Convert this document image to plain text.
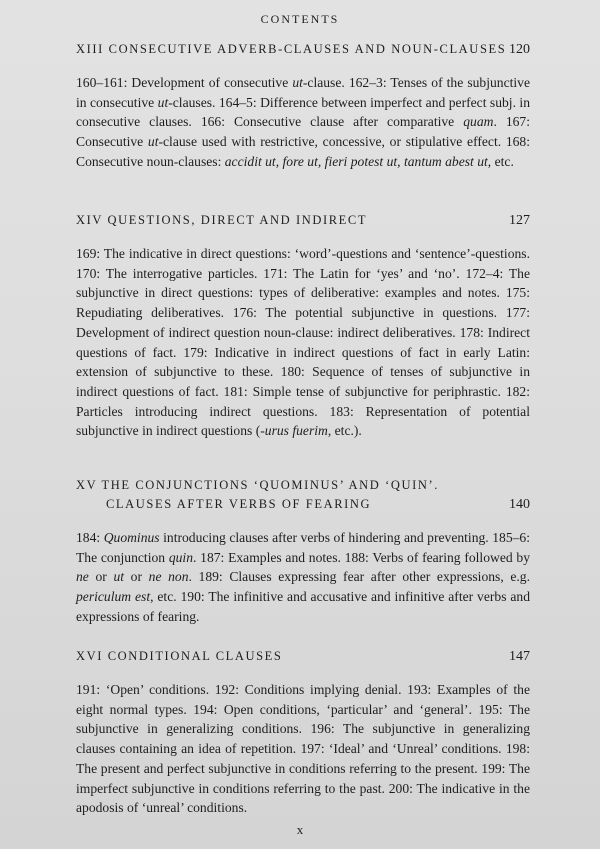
CONTENTS
XIII CONSECUTIVE ADVERB-CLAUSES AND NOUN-CLAUSES 120
160–161: Development of consecutive ut-clause. 162–3: Tenses of the subjunctive in consecutive ut-clauses. 164–5: Difference between imperfect and perfect subj. in consecutive clauses. 166: Consecutive clause after comparative quam. 167: Consecutive ut-clause used with restrictive, concessive, or stipulative effect. 168: Consecutive noun-clauses: accidit ut, fore ut, fieri potest ut, tantum abest ut, etc.
XIV QUESTIONS, DIRECT AND INDIRECT	127
169: The indicative in direct questions: ‘word’-questions and ‘sentence’-questions. 170: The interrogative particles. 171: The Latin for ‘yes’ and ‘no’. 172–4: The subjunctive in direct questions: types of deliberative: examples and notes. 175: Repudiating deliberatives. 176: The potential subjunctive in questions. 177: Development of indirect question noun-clause: indirect deliberatives. 178: Indirect questions of fact. 179: Indicative in indirect questions of fact in early Latin: extension of subjunctive to these. 180: Sequence of tenses of subjunctive in indirect questions of fact. 181: Simple tense of subjunctive for periphrastic. 182: Particles introducing indirect questions. 183: Representation of potential subjunctive in indirect questions (-urus fuerim, etc.).
XV THE CONJUNCTIONS ‘QUOMINUS’ AND ‘QUIN’.
CLAUSES AFTER VERBS OF FEARING	140
184: Quominus introducing clauses after verbs of hindering and preventing. 185–6: The conjunction quin. 187: Examples and notes. 188: Verbs of fearing followed by ne or ut or ne non. 189: Clauses expressing fear after other expressions, e.g. periculum est, etc. 190: The infinitive and accusative and infinitive after verbs and expressions of fearing.
XVI CONDITIONAL CLAUSES	147
191: ‘Open’ conditions. 192: Conditions implying denial. 193: Examples of the eight normal types. 194: Open conditions, ‘particular’ and ‘general’. 195: The subjunctive in generalizing conditions. 196: The subjunctive in generalizing clauses containing an idea of repetition. 197: ‘Ideal’ and ‘Unreal’ conditions. 198: The present and perfect subjunctive in conditions referring to the present. 199: The imperfect subjunctive in conditions referring to the past. 200: The indicative in the apodosis of ‘unreal’ conditions.
x
